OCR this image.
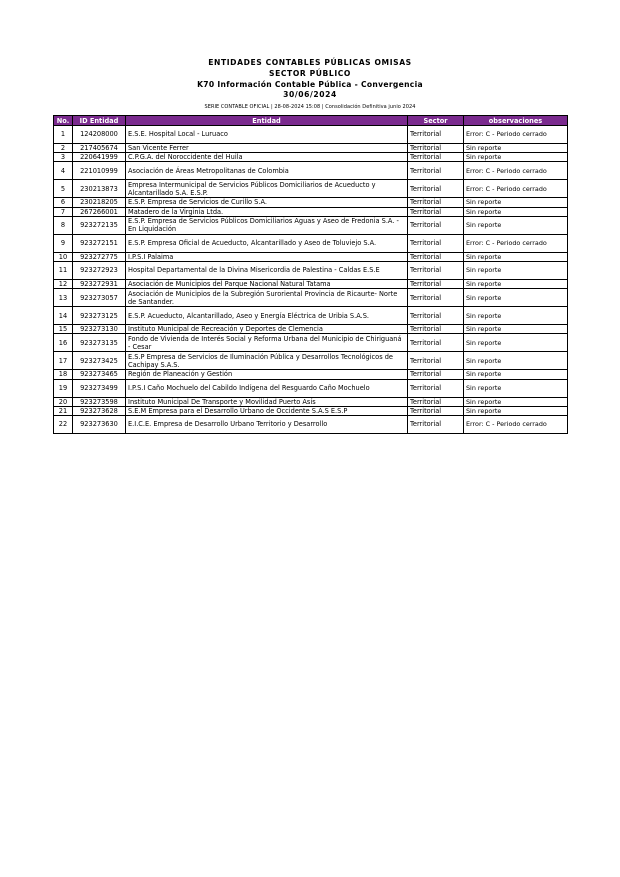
ENTIDADES CONTABLES PÚBLICAS OMISAS
SECTOR PÚBLICO
K70 Información Contable Pública - Convergencia
30/06/2024
SERIE CONTABLE OFICIAL | 28-08-2024 15:08 | Consolidación Definitiva junio 2024
No.	ID Entidad	Entidad	Sector	observaciones
1	124208000	E.S.E. Hospital Local - Luruaco	Territorial	Error: C - Periodo cerrado
2	217405674	San Vicente Ferrer	Territorial	Sin reporte
3	220641999	C.P.G.A. del Noroccidente del Huila	Territorial	Sin reporte
4	221010999	Asociación de Áreas Metropolitanas de Colombia	Territorial	Error: C - Periodo cerrado
5	230213873	Empresa Intermunicipal de Servicios Públicos Domiciliarios de Acueducto y Alcantarillado S.A. E.S.P.	Territorial	Error: C - Periodo cerrado
6	230218205	E.S.P. Empresa de Servicios de Curillo S.A.	Territorial	Sin reporte
7	267266001	Matadero de la Virginia Ltda.	Territorial	Sin reporte
8	923272135	E.S.P. Empresa de Servicios Públicos Domiciliarios Aguas y Aseo de Fredonia S.A. - En Liquidación	Territorial	Sin reporte
9	923272151	E.S.P. Empresa Oficial de Acueducto, Alcantarillado y Aseo de Toluviejo S.A.	Territorial	Error: C - Periodo cerrado
10	923272775	I.P.S.I Palaima	Territorial	Sin reporte
11	923272923	Hospital Departamental de la Divina Misericordia de Palestina - Caldas E.S.E	Territorial	Sin reporte
12	923272931	Asociación de Municipios del Parque Nacional Natural Tatama	Territorial	Sin reporte
13	923273057	Asociación de Municipios de la Subregión Suroriental Provincia de Ricaurte- Norte de Santander.	Territorial	Sin reporte
14	923273125	E.S.P. Acueducto, Alcantarillado, Aseo y Energía Eléctrica de Uribia S.A.S.	Territorial	Sin reporte
15	923273130	Instituto Municipal de Recreación y Deportes de Clemencia	Territorial	Sin reporte
16	923273135	Fondo de Vivienda de Interés Social y Reforma Urbana del Municipio de Chiriguaná - Cesar	Territorial	Sin reporte
17	923273425	E.S.P Empresa de Servicios de Iluminación Pública y Desarrollos Tecnológicos de Cachipay S.A.S.	Territorial	Sin reporte
18	923273465	Región de Planeación y Gestión	Territorial	Sin reporte
19	923273499	I.P.S.I Caño Mochuelo del Cabildo Indígena del Resguardo Caño Mochuelo	Territorial	Sin reporte
20	923273598	Instituto Municipal De Transporte y Movilidad Puerto Asís	Territorial	Sin reporte
21	923273628	S.E.M Empresa para el Desarrollo Urbano de Occidente S.A.S E.S.P	Territorial	Sin reporte
22	923273630	E.I.C.E. Empresa de Desarrollo Urbano Territorio y Desarrollo	Territorial	Error: C - Periodo cerrado
